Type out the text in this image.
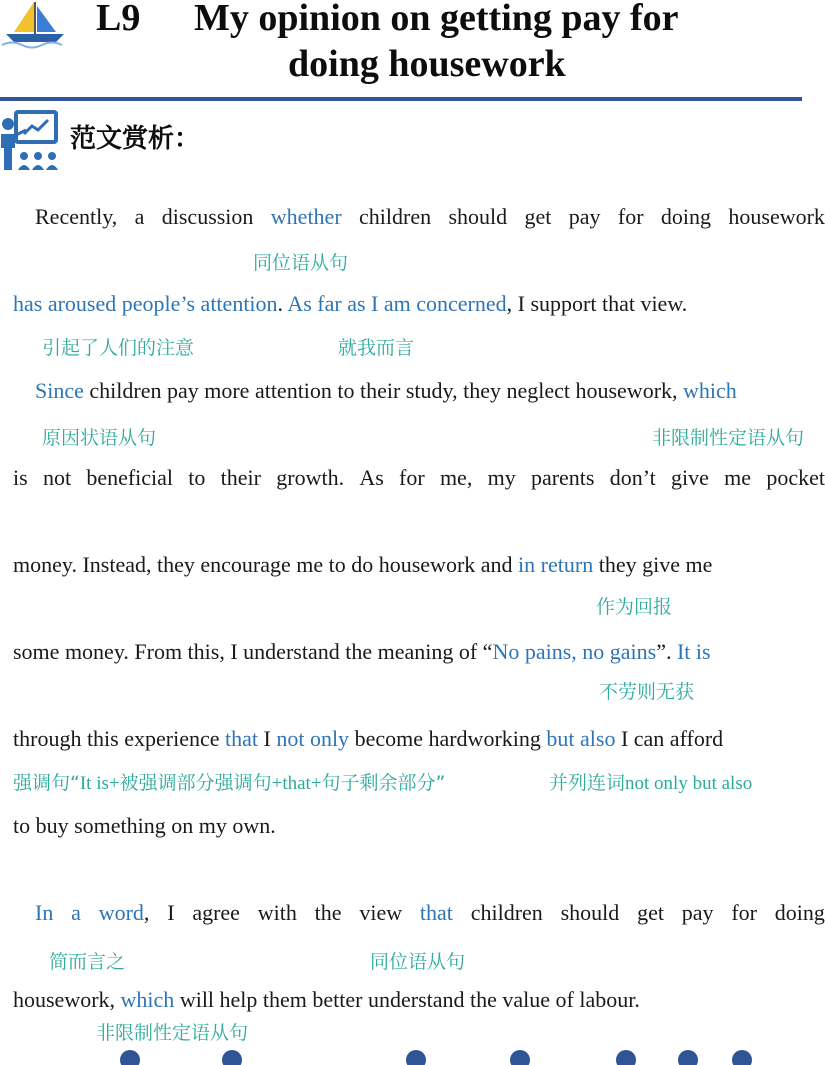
L9 My opinion on getting pay for
doing housework
范文赏析：
Recently, a discussion whether children should get pay for doing housework
同位语从句
has aroused people’s attention. As far as I am concerned, I support that view.
引起了人们的注意	就我而言
Since children pay more attention to their study, they neglect housework, which
原因状语从句	非限制性定语从句
is not beneficial to their growth. As for me, my parents don’t give me pocket
money. Instead, they encourage me to do housework and in return they give me
作为回报
some money. From this, I understand the meaning of “No pains, no gains”. It is
不劳则无获
through this experience that I not only become hardworking but also I can afford
强调句“It is+被强调部分强调句+that+句子剩余部分”	并列连词not only but also
to buy something on my own.
In a word, I agree with the view that children should get pay for doing
简而言之	同位语从句
housework, which will help them better understand the value of labour.
非限制性定语从句
